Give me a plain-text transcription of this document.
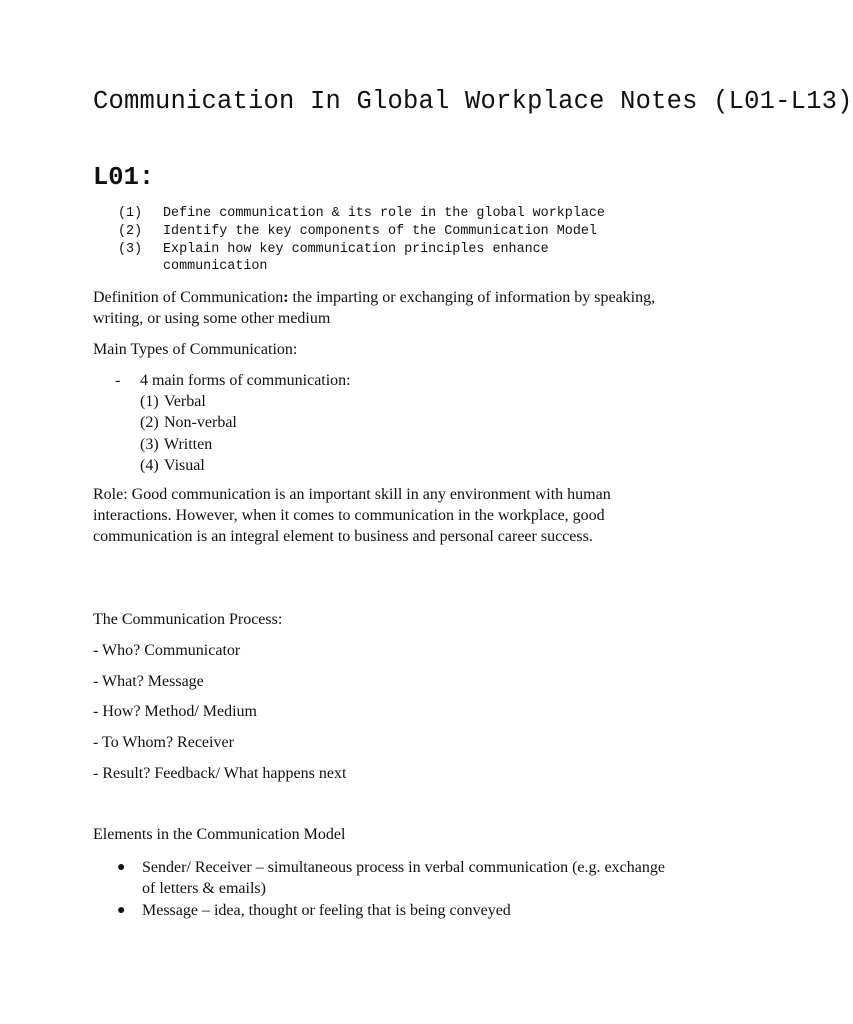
Communication In Global Workplace Notes (L01-L13)
L01:
(1)	Define communication & its role in the global workplace
(2)	Identify the key components of the Communication Model
(3)	Explain how key communication principles enhance
communication

Definition of Communication: the imparting or exchanging of information by speaking, writing, or using some other medium

Main Types of Communication:

-	4 main forms of communication:
(1) Verbal
(2) Non-verbal
(3) Written
(4) Visual

Role: Good communication is an important skill in any environment with human interactions. However, when it comes to communication in the workplace, good communication is an integral element to business and personal career success.

The Communication Process:

- Who? Communicator

- What? Message

- How? Method/ Medium

- To Whom? Receiver

- Result? Feedback/ What happens next

Elements in the Communication Model

●	Sender/ Receiver – simultaneous process in verbal communication (e.g. exchange of letters & emails)
●	Message – idea, thought or feeling that is being conveyed
